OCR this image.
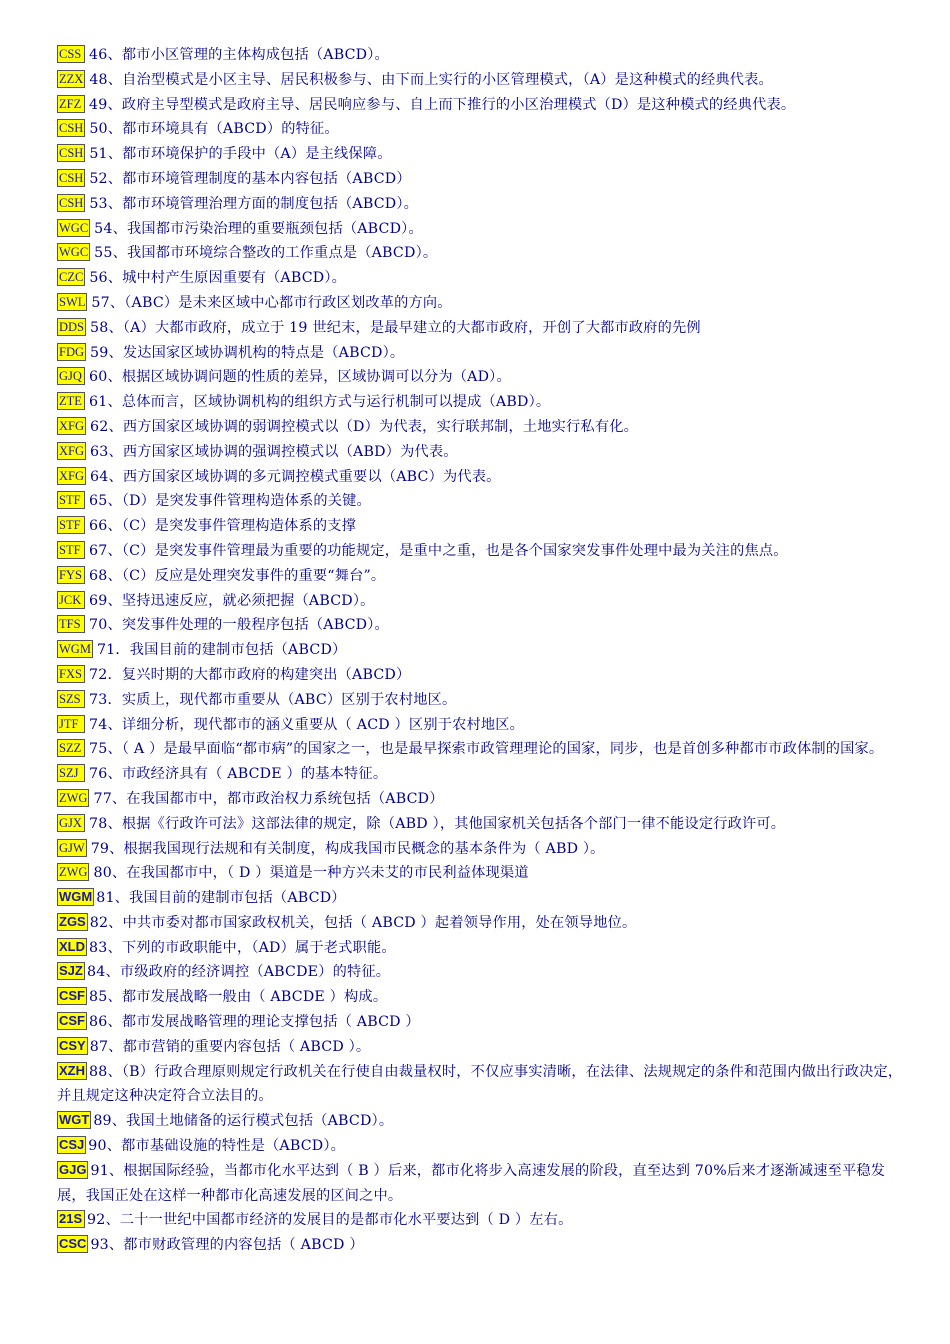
CSS 46、都市小区管理的主体构成包括（ABCD）。

ZZX 48、自治型模式是小区主导、居民积极参与、由下而上实行的小区管理模式，（A）是这种模式的经典代表。

ZFZ 49、政府主导型模式是政府主导、居民响应参与、自上而下推行的小区治理模式（D）是这种模式的经典代表。

CSH 50、都市环境具有（ABCD）的特征。

CSH 51、都市环境保护的手段中（A）是主线保障。

CSH 52、都市环境管理制度的基本内容包括（ABCD）

CSH 53、都市环境管理治理方面的制度包括（ABCD）。

WGC 54、我国都市污染治理的重要瓶颈包括（ABCD）。

WGC 55、我国都市环境综合整改的工作重点是（ABCD）。

CZC 56、城中村产生原因重要有（ABCD）。

SWL 57、（ABC）是未来区域中心都市行政区划改革的方向。

DDS 58、（A）大都市政府，成立于 19 世纪末，是最早建立的大都市政府，开创了大都市政府的先例

FDG 59、发达国家区域协调机构的特点是（ABCD）。

GJQ 60、根据区域协调问题的性质的差异，区域协调可以分为（AD）。

ZTE 61、总体而言，区域协调机构的组织方式与运行机制可以提成（ABD）。

XFG 62、西方国家区域协调的弱调控模式以（D）为代表，实行联邦制，土地实行私有化。

XFG 63、西方国家区域协调的强调控模式以（ABD）为代表。

XFG 64、西方国家区域协调的多元调控模式重要以（ABC）为代表。

STF 65、（D）是突发事件管理构造体系的关键。

STF 66、（C）是突发事件管理构造体系的支撑

STF 67、（C）是突发事件管理最为重要的功能规定，是重中之重，也是各个国家突发事件处理中最为关注的焦点。

FYS 68、（C）反应是处理突发事件的重要“舞台”。

JCK 69、坚持迅速反应，就必须把握（ABCD）。

TFS 70、突发事件处理的一般程序包括（ABCD）。

WGM 71．我国目前的建制市包括（ABCD）

FXS 72．复兴时期的大都市政府的构建突出（ABCD）

SZS 73．实质上，现代都市重要从（ABC）区别于农村地区。

JTF 74、详细分析，现代都市的涵义重要从（ ACD ）区别于农村地区。

SZZ 75、（ A ）是最早面临“都市病”的国家之一，也是最早探索市政管理理论的国家，同步，也是首创多种都市市政体制的国家。

SZJ 76、市政经济具有（ ABCDE ）的基本特征。

ZWG 77、在我国都市中，都市政治权力系统包括（ABCD）

GJX 78、根据《行政许可法》这部法律的规定，除（ABD ），其他国家机关包括各个部门一律不能设定行政许可。

GJW 79、根据我国现行法规和有关制度，构成我国市民概念的基本条件为（ ABD ）。

ZWG 80、在我国都市中，（ D ）渠道是一种方兴未艾的市民利益体现渠道

WGM 81、我国目前的建制市包括（ABCD）

ZGS 82、中共市委对都市国家政权机关，包括（ ABCD ）起着领导作用，处在领导地位。

XLD 83、下列的市政职能中，（AD）属于老式职能。

SJZ 84、市级政府的经济调控（ABCDE）的特征。

CSF 85、都市发展战略一般由（ ABCDE ）构成。

CSF 86、都市发展战略管理的理论支撑包括（ ABCD ）

CSY 87、都市营销的重要内容包括（ ABCD ）。

XZH 88、（B）行政合理原则规定行政机关在行使自由裁量权时，不仅应事实清晰，在法律、法规规定的条件和范围内做出行政决定，并且规定这种决定符合立法目的。

WGT 89、我国土地储备的运行模式包括（ABCD）。

CSJ 90、都市基础设施的特性是（ABCD）。

GJG 91、根据国际经验，当都市化水平达到（ B ）后来，都市化将步入高速发展的阶段，直至达到 70%后来才逐渐减速至平稳发展，我国正处在这样一种都市化高速发展的区间之中。

21S 92、二十一世纪中国都市经济的发展目的是都市化水平要达到（ D ）左右。

CSC 93、都市财政管理的内容包括（ ABCD ）
